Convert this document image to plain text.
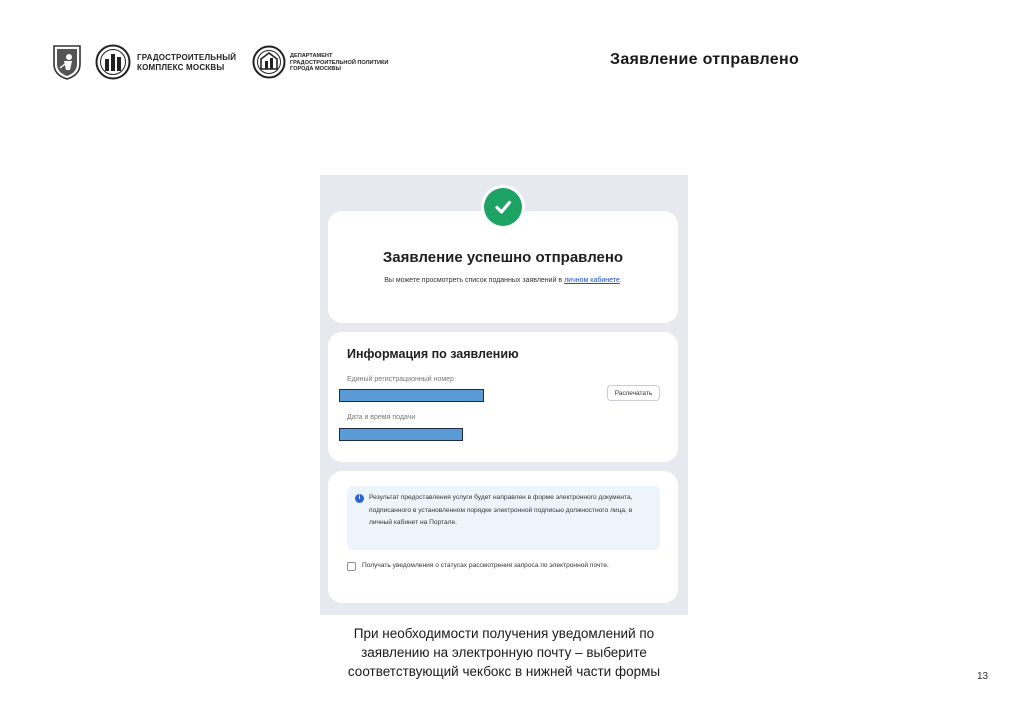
ГРАДОСТРОИТЕЛЬНЫЙ
КОМПЛЕКС МОСКВЫ
ДЕПАРТАМЕНТ
ГРАДОСТРОИТЕЛЬНОЙ ПОЛИТИКИ
ГОРОДА МОСКВЫ
Заявление отправлено
Заявление успешно отправлено
Вы можете просмотреть список поданных заявлений в личном кабинете.
Информация по заявлению
Единый регистрационный номер
Распечатать
Дата и время подачи
i	Результат предоставления услуги будет направлен в форме электронного документа, подписанного в установленном порядке электронной подписью должностного лица, в личный кабинет на Портале.
Получать уведомления о статусах рассмотрения запроса по электронной почте.
При необходимости получения уведомлений по
заявлению на электронную почту – выберите
соответствующий чекбокс в нижней части формы	13
